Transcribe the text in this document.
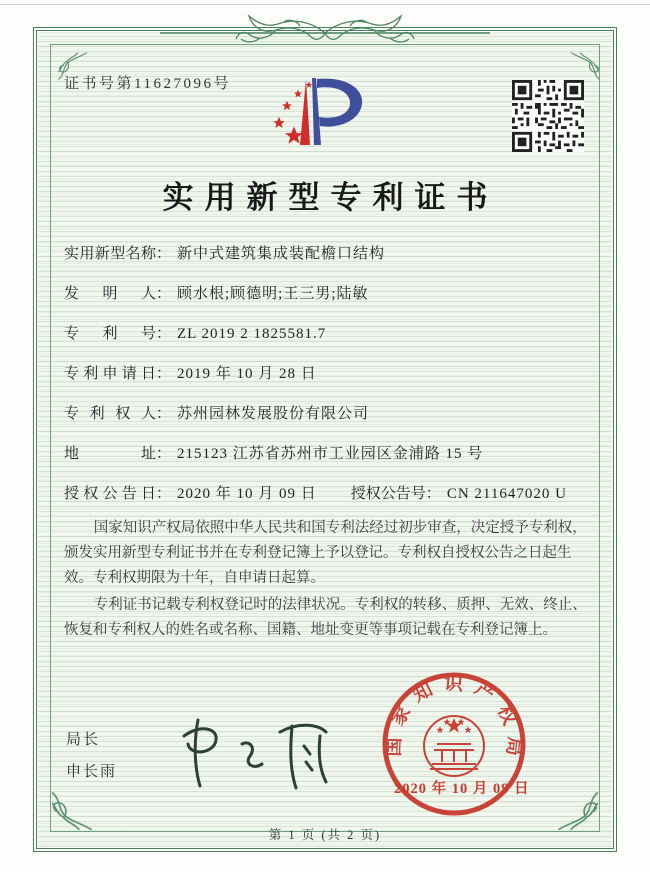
证书号第11627096号
实用新型专利证书
实用新型名称： 新中式建筑集成装配檐口结构
发明人： 顾水根;顾德明;王三男;陆敏
专利号： ZL 2019 2 1825581.7
专利申请日： 2019 年 10 月 28 日
专利权人： 苏州园林发展股份有限公司
地址： 215123 江苏省苏州市工业园区金浦路 15 号
授权公告日： 2020 年 10 月 09 日 授权公告号： CN 211647020 U

国家知识产权局依照中华人民共和国专利法经过初步审查，决定授予专利权，颁发实用新型专利证书并在专利登记簿上予以登记。专利权自授权公告之日起生效。专利权期限为十年，自申请日起算。

专利证书记载专利权登记时的法律状况。专利权的转移、质押、无效、终止、恢复和专利权人的姓名或名称、国籍、地址变更等事项记载在专利登记簿上。

局长
申长雨
国家知识产权局
2020 年 10 月 09 日
第 1 页 (共 2 页)
